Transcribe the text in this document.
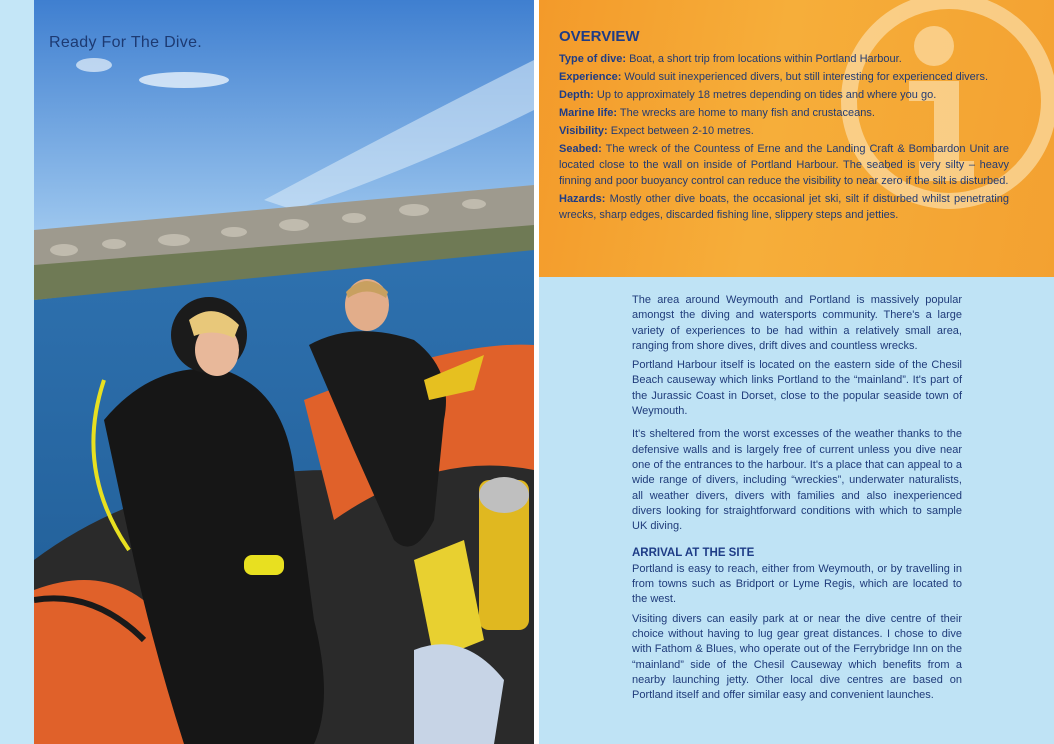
Ready For The Dive.	OVERVIEW

Type of dive: Boat, a short trip from locations within Portland Harbour.

Experience: Would suit inexperienced divers, but still interesting for experienced divers.

Depth: Up to approximately 18 metres depending on tides and where you go.

Marine life: The wrecks are home to many fish and crustaceans.

Visibility: Expect between 2-10 metres.

Seabed: The wreck of the Countess of Erne and the Landing Craft & Bombardon Unit are located close to the wall on inside of Portland Harbour. The seabed is very silty – heavy finning and poor buoyancy control can reduce the visibility to near zero if the silt is disturbed.

Hazards: Mostly other dive boats, the occasional jet ski, silt if disturbed whilst penetrating wrecks, sharp edges, discarded fishing line, slippery steps and jetties.

The area around Weymouth and Portland is massively popular amongst the diving and watersports community. There's a large variety of experiences to be had within a relatively small area, ranging from shore dives, drift dives and countless wrecks.

Portland Harbour itself is located on the eastern side of the Chesil Beach causeway which links Portland to the “mainland”. It's part of the Jurassic Coast in Dorset, close to the popular seaside town of Weymouth.

It's sheltered from the worst excesses of the weather thanks to the defensive walls and is largely free of current unless you dive near one of the entrances to the harbour. It's a place that can appeal to a wide range of divers, including “wreckies”, underwater naturalists, all weather divers, divers with families and also inexperienced divers looking for straightforward conditions with which to sample UK diving.

ARRIVAL AT THE SITE

Portland is easy to reach, either from Weymouth, or by travelling in from towns such as Bridport or Lyme Regis, which are located to the west.

Visiting divers can easily park at or near the dive centre of their choice without having to lug gear great distances. I chose to dive with Fathom & Blues, who operate out of the Ferrybridge Inn on the “mainland” side of the Chesil Causeway which benefits from a nearby launching jetty. Other local dive centres are based on Portland itself and offer similar easy and convenient launches.
